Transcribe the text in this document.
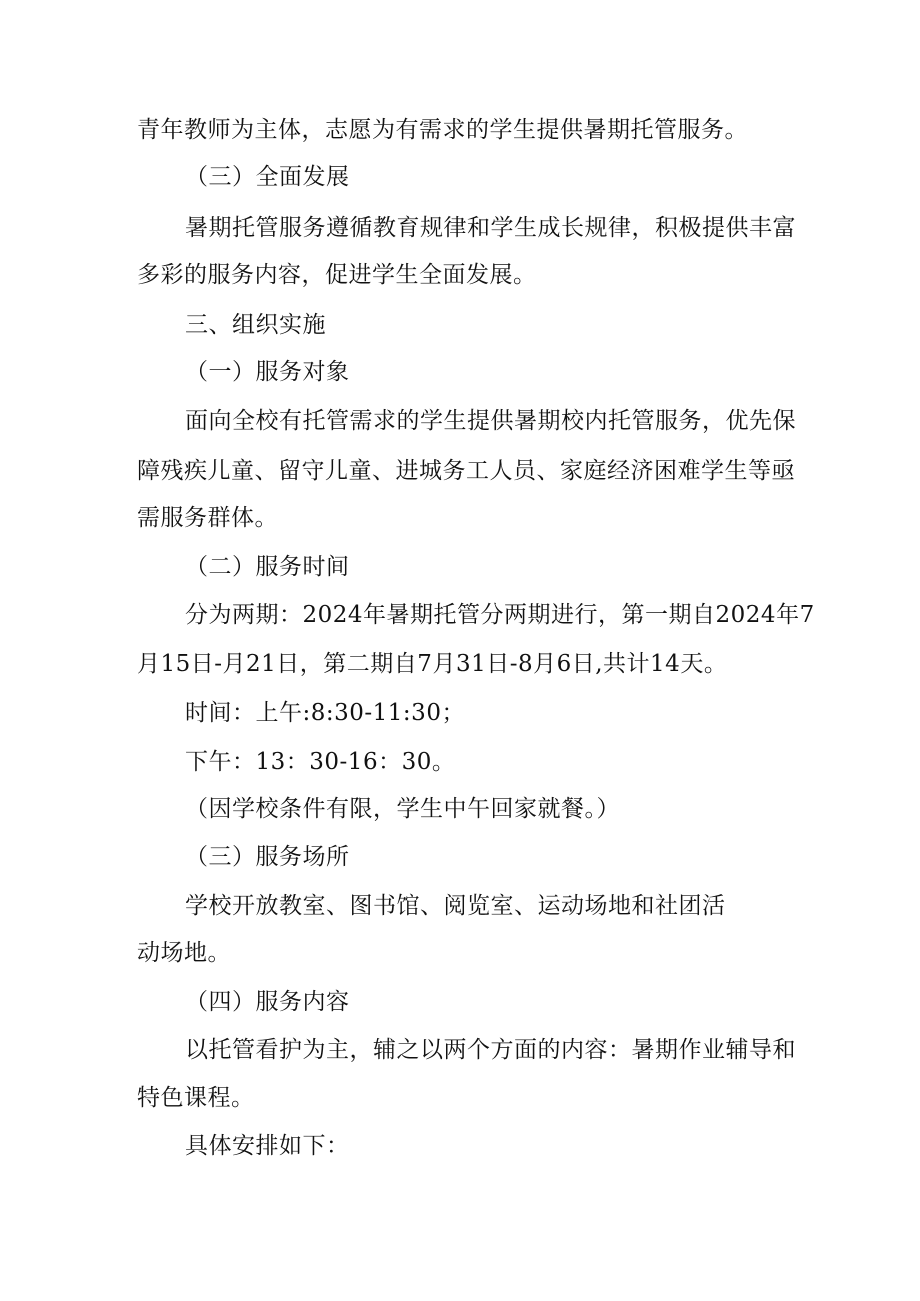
青年教师为主体，志愿为有需求的学生提供暑期托管服务。

（三）全面发展

暑期托管服务遵循教育规律和学生成长规律，积极提供丰富

多彩的服务内容，促进学生全面发展。

三、组织实施

（一）服务对象

面向全校有托管需求的学生提供暑期校内托管服务，优先保

障残疾儿童、留守儿童、进城务工人员、家庭经济困难学生等亟

需服务群体。

（二）服务时间

分为两期：2024年暑期托管分两期进行，第一期自2024年7

月15日-月21日，第二期自7月31日-8月6日,共计14天。

时间：上午:8:30-11:30；

下午：13：30-16：30。

（因学校条件有限，学生中午回家就餐。）

（三）服务场所

学校开放教室、图书馆、阅览室、运动场地和社团活

动场地。

（四）服务内容

以托管看护为主，辅之以两个方面的内容：暑期作业辅导和

特色课程。

具体安排如下：
